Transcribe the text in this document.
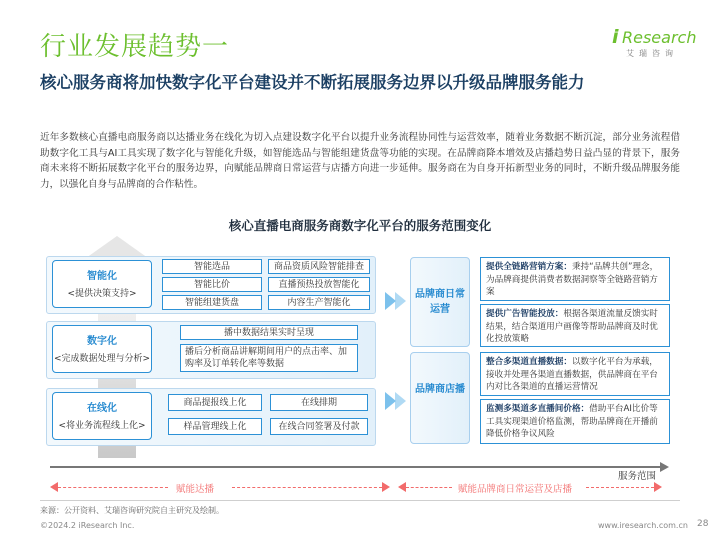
行业发展趋势一	i Research
艾瑞咨询
核心服务商将加快数字化平台建设并不断拓展服务边界以升级品牌服务能力
近年多数核心直播电商服务商以达播业务在线化为切入点建设数字化平台以提升业务流程协同性与运营效率，随着业务数据不断沉淀，部分业务流程借助数字化工具与AI工具实现了数字化与智能化升级，如智能选品与智能组建货盘等功能的实现。在品牌商降本增效及店播趋势日益凸显的背景下，服务商未来将不断拓展数字化平台的服务边界，向赋能品牌商日常运营与店播方向进一步延伸。服务商在为自身开拓新型业务的同时，不断升级品牌服务能力，以强化自身与品牌商的合作粘性。
核心直播电商服务商数字化平台的服务范围变化
智能化
<提供决策支持>
智能选品	商品资质风险智能排查
智能比价	直播预热投放智能化
智能组建货盘	内容生产智能化
数字化
<完成数据处理与分析>
播中数据结果实时呈现
播后分析商品讲解期间用户的点击率、加购率及订单转化率等数据
在线化
<将业务流程线上化>
商品提报线上化	在线排期
样品管理线上化	在线合同签署及付款
品牌商日常运营
提供全链路营销方案：秉持“品牌共创”理念，为品牌商提供消费者数据洞察等全链路营销方案
提供广告智能投放：根据各渠道流量反馈实时结果，结合渠道用户画像等帮助品牌商及时优化投放策略
品牌商店播
整合多渠道直播数据：以数字化平台为承载，接收并处理各渠道直播数据，供品牌商在平台内对比各渠道的直播运营情况
监测多渠道多直播间价格：借助平台AI比价等工具实现渠道价格监测，帮助品牌商在开播前降低价格争议风险
服务范围
赋能达播	赋能品牌商日常运营及店播
来源：公开资料、艾瑞咨询研究院自主研究及绘制。
©2024.2 iResearch Inc.	www.iresearch.com.cn 28
